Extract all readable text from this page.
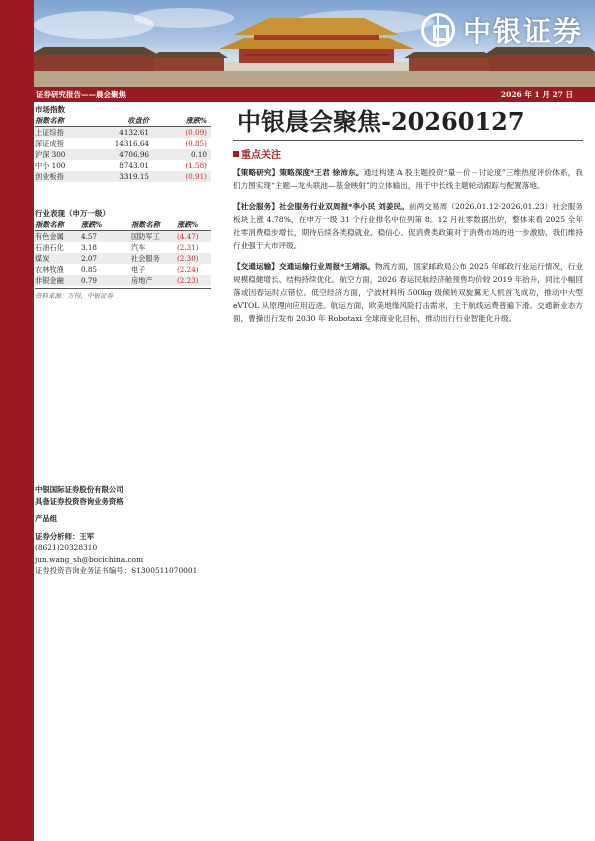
中银证券
证券研究报告——晨会聚焦	2026 年 1 月 27 日
市场指数
指数名称	收盘价	涨跌%
上证综指	4132.61	(0.09)
深证成指	14316.64	(0.85)
沪深 300	4706.96	0.10
中小 100	8743.01	(1.58)
创业板指	3319.15	(0.91)
行业表现（申万一级）
指数名称	涨跌%	指数名称	涨跌%
有色金属	4.57	国防军工	(4.47)
石油石化	3.18	汽车	(2.31)
煤炭	2.07	社会服务	(2.30)
农林牧渔	0.85	电子	(2.24)
非银金融	0.79	房地产	(2.23)
资料来源：万得，中银证券
中银晨会聚焦-20260127
重点关注
【策略研究】策略深度*王君 徐沛东。通过构建 A 股主题投资“量－价－讨论度”三维热度评价体系，我们力图实现“主题—龙头联池—基金映射”的立体输出，用于中长线主题轮动跟踪与配置落地。
【社会服务】社会服务行业双周报*李小民 刘姜民。前两交易周（2026.01.12-2026.01.23）社会服务板块上涨 4.78%，在申万一级 31 个行业排名中位列第 8。12 月社零数据出炉，整体来看 2025 全年社零消费稳步增长，期待后续各类稳就业、稳信心、促消费类政策对于消费市场的进一步激励，我们维持行业强于大市评级。
【交通运输】交通运输行业周报*王靖添。物流方面，国家邮政局公布 2025 年邮政行业运行情况，行业规模稳健增长、结构持续优化。航空方面，2026 春运民航经济舱预售均价较 2019 年抬升，同比小幅回落或因春运时点错位。低空经济方面，宁波材料所 500kg 级倾转双旋翼无人机首飞成功，推动中大型 eVTOL 从原理向应用迈进。航运方面，欧美地缘风险打击需求，主干航线运费普遍下滑。交通新业态方面，曹操出行发布 2030 年 Robotaxi 全球商业化目标，推动出行行业智能化升级。
中银国际证券股份有限公司
具备证券投资咨询业务资格
产品组
证券分析师：王军
(8621)20328310
jun.wang_sh@bocichina.com
证券投资咨询业务证书编号：S1300511070001
